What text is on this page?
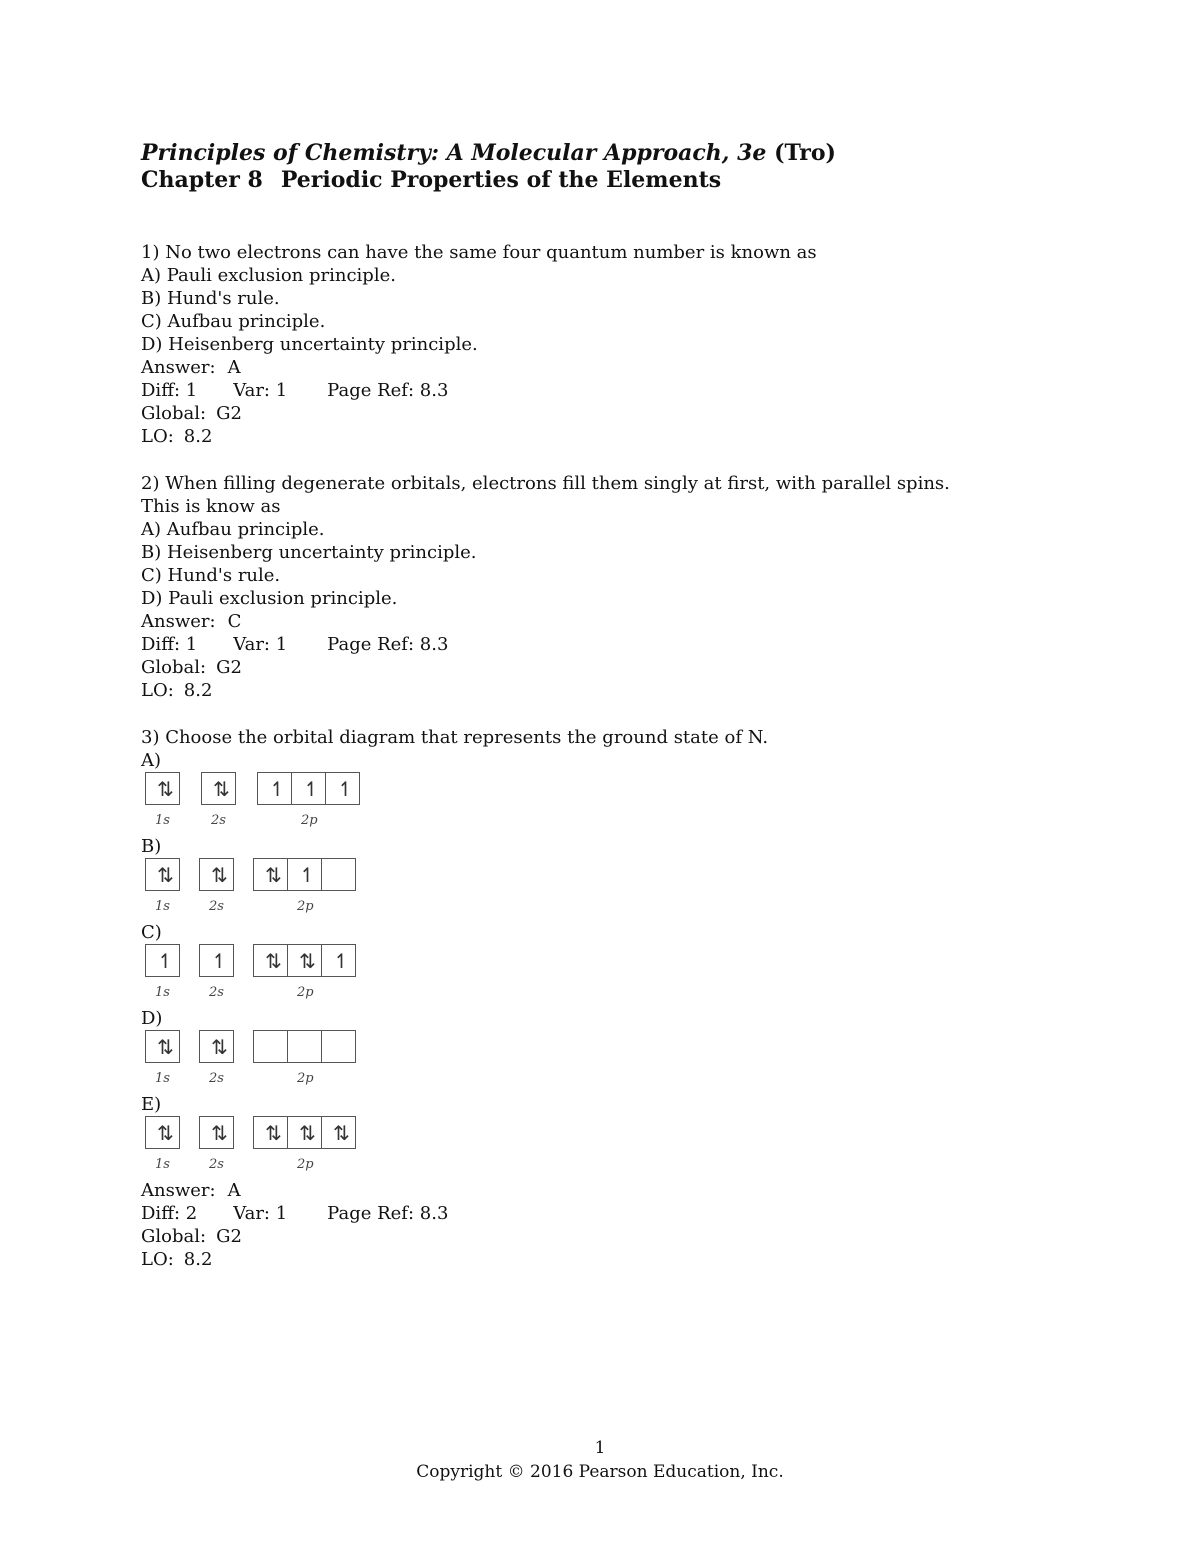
Principles of Chemistry: A Molecular Approach, 3e (Tro)
Chapter 8 Periodic Properties of the Elements
1) No two electrons can have the same four quantum number is known as
A) Pauli exclusion principle.
B) Hund's rule.
C) Aufbau principle.
D) Heisenberg uncertainty principle.
Answer: A
Diff: 1 Var: 1 Page Ref: 8.3
Global: G2
LO: 8.2
2) When filling degenerate orbitals, electrons fill them singly at first, with parallel spins.
This is know as
A) Aufbau principle.
B) Heisenberg uncertainty principle.
C) Hund's rule.
D) Pauli exclusion principle.
Answer: C
Diff: 1 Var: 1 Page Ref: 8.3
Global: G2
LO: 8.2
3) Choose the orbital diagram that represents the ground state of N.
A)
⇅	⇅	↿	↿	↿
1s	2s	2p
B)
⇅	⇅	⇅	↿
1s	2s	2p
C)
↿	↿	⇅	⇅	↿
1s	2s	2p
D)
⇅	⇅
1s	2s	2p
E)
⇅	⇅	⇅	⇅	⇅
1s	2s	2p
Answer: A
Diff: 2 Var: 1 Page Ref: 8.3
Global: G2
LO: 8.2
1
Copyright © 2016 Pearson Education, Inc.
